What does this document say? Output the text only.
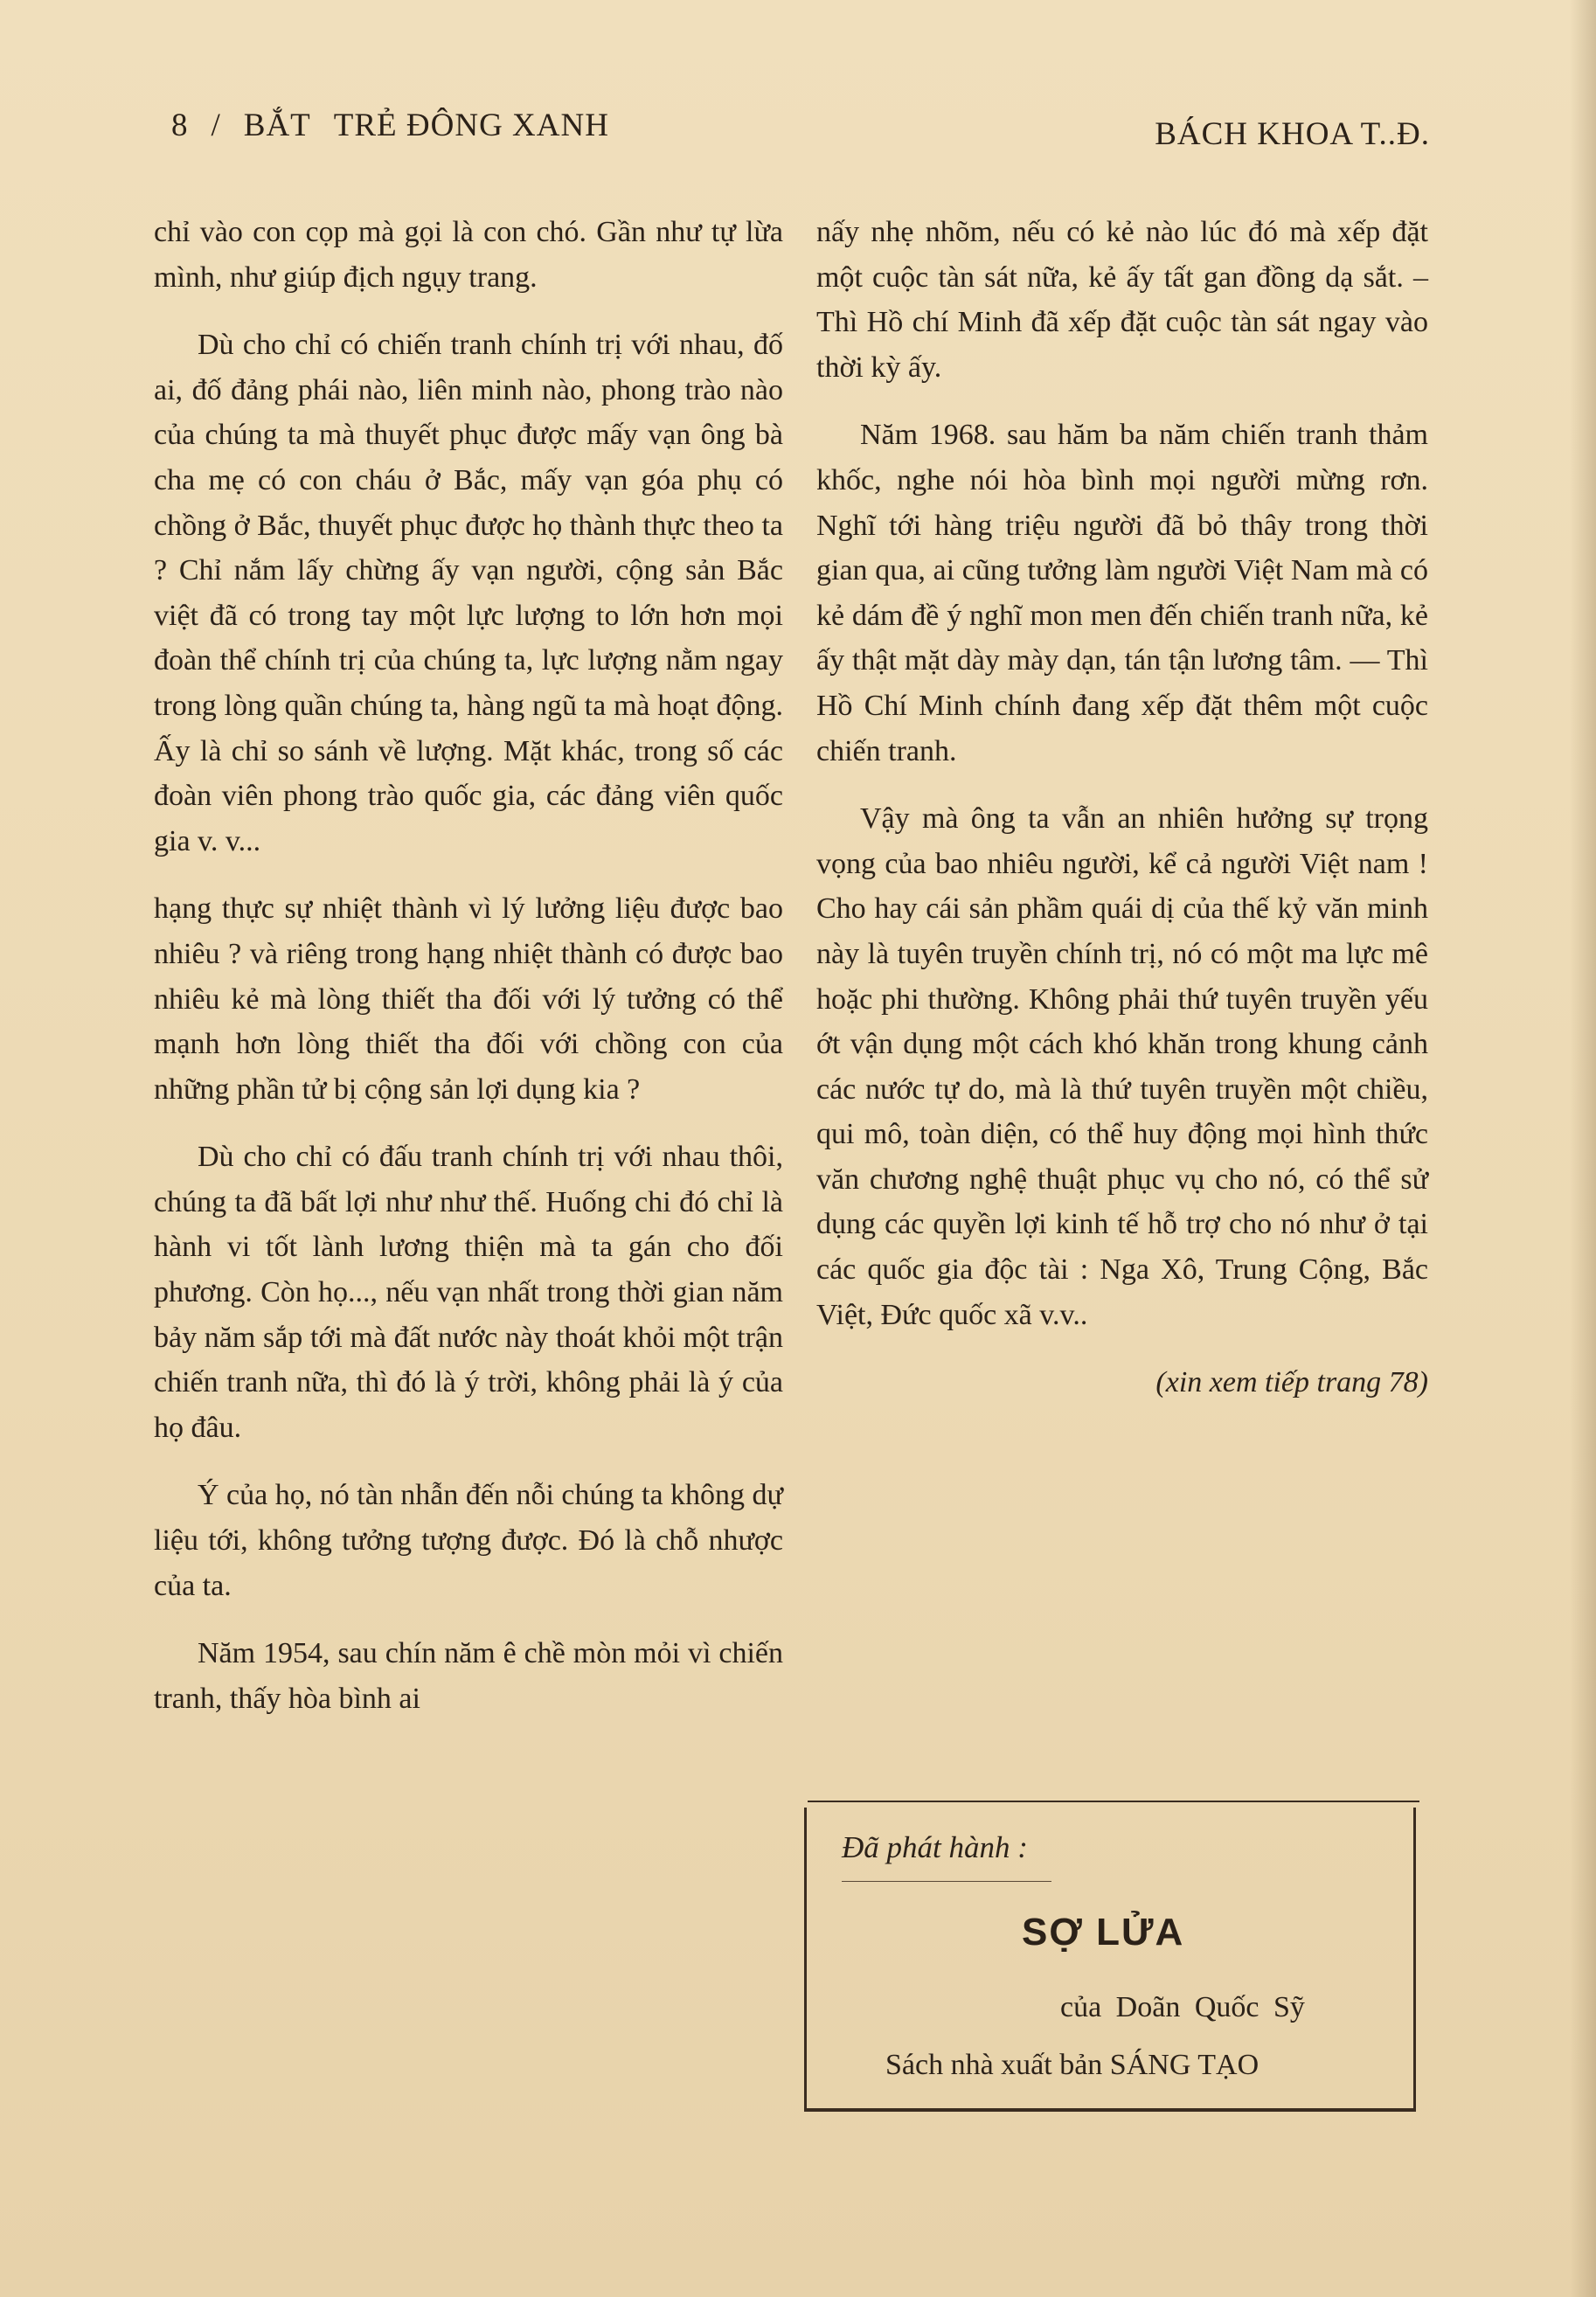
8 / BẮT TRẺ ĐÔNG XANH	BÁCH KHOA T..Đ.

chỉ vào con cọp mà gọi là con chó. Gần như tự lừa mình, như giúp địch ngụy trang.

Dù cho chỉ có chiến tranh chính trị với nhau, đố ai, đố đảng phái nào, liên minh nào, phong trào nào của chúng ta mà thuyết phục được mấy vạn ông bà cha mẹ có con cháu ở Bắc, mấy vạn góa phụ có chồng ở Bắc, thuyết phục được họ thành thực theo ta ? Chỉ nắm lấy chừng ấy vạn người, cộng sản Bắc việt đã có trong tay một lực lượng to lớn hơn mọi đoàn thể chính trị của chúng ta, lực lượng nằm ngay trong lòng quần chúng ta, hàng ngũ ta mà hoạt động. Ấy là chỉ so sánh về lượng. Mặt khác, trong số các đoàn viên phong trào quốc gia, các đảng viên quốc gia v. v...

hạng thực sự nhiệt thành vì lý lưởng liệu được bao nhiêu ? và riêng trong hạng nhiệt thành có được bao nhiêu kẻ mà lòng thiết tha đối với lý tưởng có thể mạnh hơn lòng thiết tha đối với chồng con của những phần tử bị cộng sản lợi dụng kia ?

Dù cho chỉ có đấu tranh chính trị với nhau thôi, chúng ta đã bất lợi như như thế. Huống chi đó chỉ là hành vi tốt lành lương thiện mà ta gán cho đối phương. Còn họ..., nếu vạn nhất trong thời gian năm bảy năm sắp tới mà đất nước này thoát khỏi một trận chiến tranh nữa, thì đó là ý trời, không phải là ý của họ đâu.

Ý của họ, nó tàn nhẫn đến nỗi chúng ta không dự liệu tới, không tưởng tượng được. Đó là chỗ nhược của ta.

Năm 1954, sau chín năm ê chề mòn mỏi vì chiến tranh, thấy hòa bình ai

nấy nhẹ nhõm, nếu có kẻ nào lúc đó mà xếp đặt một cuộc tàn sát nữa, kẻ ấy tất gan đồng dạ sắt. – Thì Hồ chí Minh đã xếp đặt cuộc tàn sát ngay vào thời kỳ ấy.

Năm 1968. sau hăm ba năm chiến tranh thảm khốc, nghe nói hòa bình mọi người mừng rơn. Nghĩ tới hàng triệu người đã bỏ thây trong thời gian qua, ai cũng tưởng làm người Việt Nam mà có kẻ dám đề ý nghĩ mon men đến chiến tranh nữa, kẻ ấy thật mặt dày mày dạn, tán tận lương tâm. — Thì Hồ Chí Minh chính đang xếp đặt thêm một cuộc chiến tranh.

Vậy mà ông ta vẫn an nhiên hưởng sự trọng vọng của bao nhiêu người, kể cả người Việt nam ! Cho hay cái sản phầm quái dị của thế kỷ văn minh này là tuyên truyền chính trị, nó có một ma lực mê hoặc phi thường. Không phải thứ tuyên truyền yếu ớt vận dụng một cách khó khăn trong khung cảnh các nước tự do, mà là thứ tuyên truyền một chiều, qui mô, toàn diện, có thể huy động mọi hình thức văn chương nghệ thuật phục vụ cho nó, có thể sử dụng các quyền lợi kinh tế hỗ trợ cho nó như ở tại các quốc gia độc tài : Nga Xô, Trung Cộng, Bắc Việt, Đức quốc xã v.v..

(xin xem tiếp trang 78)

Đã phát hành :
SỢ LỬA
của Doãn Quốc Sỹ
Sách nhà xuất bản SÁNG TẠO
